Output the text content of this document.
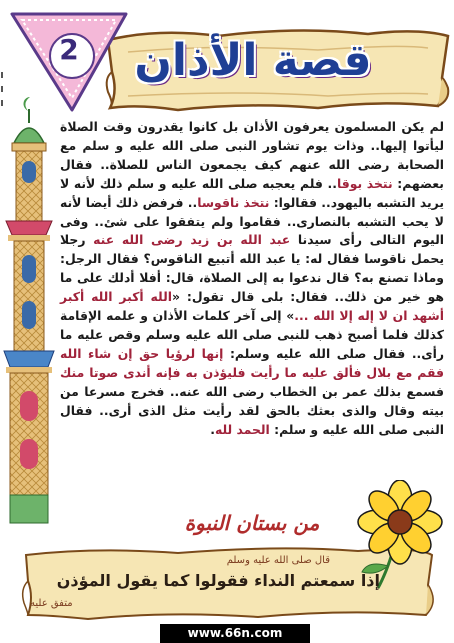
قصة الأذان
2
لم يكن المسلمون يعرفون الأذان بل كانوا يقدرون وقت الصلاة ليأتوا إليها.. وذات يوم تشاور النبى صلى الله عليه و سلم مع الصحابة رضى الله عنهم كيف يجمعون الناس للصلاة.. فقال بعضهم: نتخذ بوقا.. فلم يعجبه صلى الله عليه و سلم ذلك لأنه لا يريد التشبه باليهود.. فقالوا: نتخذ ناقوسا.. فرفض ذلك أيضا لأنه لا يحب التشبه بالنصارى.. فقاموا ولم يتفقوا على شئ.. وفى اليوم التالى رأى سيدنا عبد الله بن زيد رضى الله عنه رجلا يحمل ناقوسا فقال له: يا عبد الله أتبيع الناقوس؟ فقال الرجل: وماذا تصنع به؟ قال ندعوا به إلى الصلاة، قال: أفلا أدلك على ما هو خير من ذلك.. فقال: بلى قال تقول: «الله أكبر الله أكبر أشهد ان لا إله إلا الله ...» إلى آخر كلمات الأذان و علمه الإقامة كذلك فلما أصبح ذهب للنبى صلى الله عليه وسلم وقص عليه ما رأى.. فقال صلى الله عليه وسلم: إنها لرؤيا حق إن شاء الله فقم مع بلال فألق عليه ما رأيت فليؤذن به فإنه أندى صوتا منك فسمع بذلك عمر بن الخطاب رضى الله عنه.. فخرج مسرعا من بيته وقال والذى بعثك بالحق لقد رأيت مثل الذى أرى.. فقال النبى صلى الله عليه و سلم: الحمد لله.
من بستان النبوة
قال صلى الله عليه وسلم
إذا سمعتم النداء فقولوا كما يقول المؤذن
متفق عليه
www.66n.com
